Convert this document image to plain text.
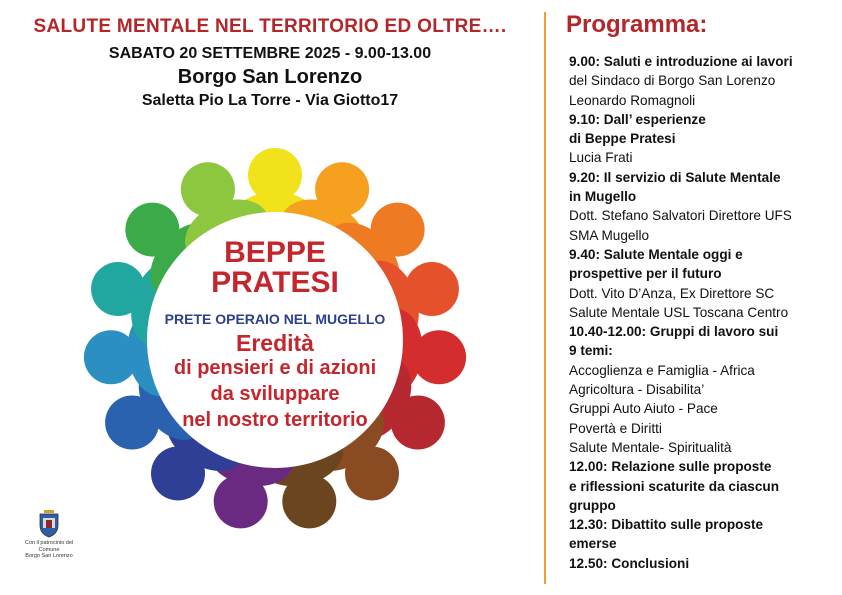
SALUTE MENTALE NEL TERRITORIO ED OLTRE….
SABATO 20 SETTEMBRE 2025 - 9.00-13.00
Borgo San Lorenzo
Saletta Pio La Torre - Via Giotto17
BEPPE
PRATESI
PRETE OPERAIO NEL MUGELLO
Eredità
di pensieri e di azioni
da sviluppare
nel nostro territorio
Con il patrocinio del
Comune
Borgo San Lorenzo
Programma:
9.00: Saluti e introduzione ai lavori
del Sindaco di Borgo San Lorenzo
Leonardo Romagnoli
9.10: Dall’ esperienze
di Beppe Pratesi
Lucia Frati
9.20: Il servizio di Salute Mentale
in Mugello
Dott. Stefano Salvatori Direttore UFS
SMA Mugello
9.40: Salute Mentale oggi e
prospettive per il futuro
Dott. Vito D’Anza, Ex Direttore SC
Salute Mentale USL Toscana Centro
10.40-12.00: Gruppi di lavoro sui
9 temi:
Accoglienza e Famiglia - Africa
Agricoltura - Disabilita’
Gruppi Auto Aiuto - Pace
Povertà e Diritti
Salute Mentale- Spiritualità
12.00: Relazione sulle proposte
e riflessioni scaturite da ciascun
gruppo
12.30: Dibattito sulle proposte
emerse
12.50: Conclusioni
